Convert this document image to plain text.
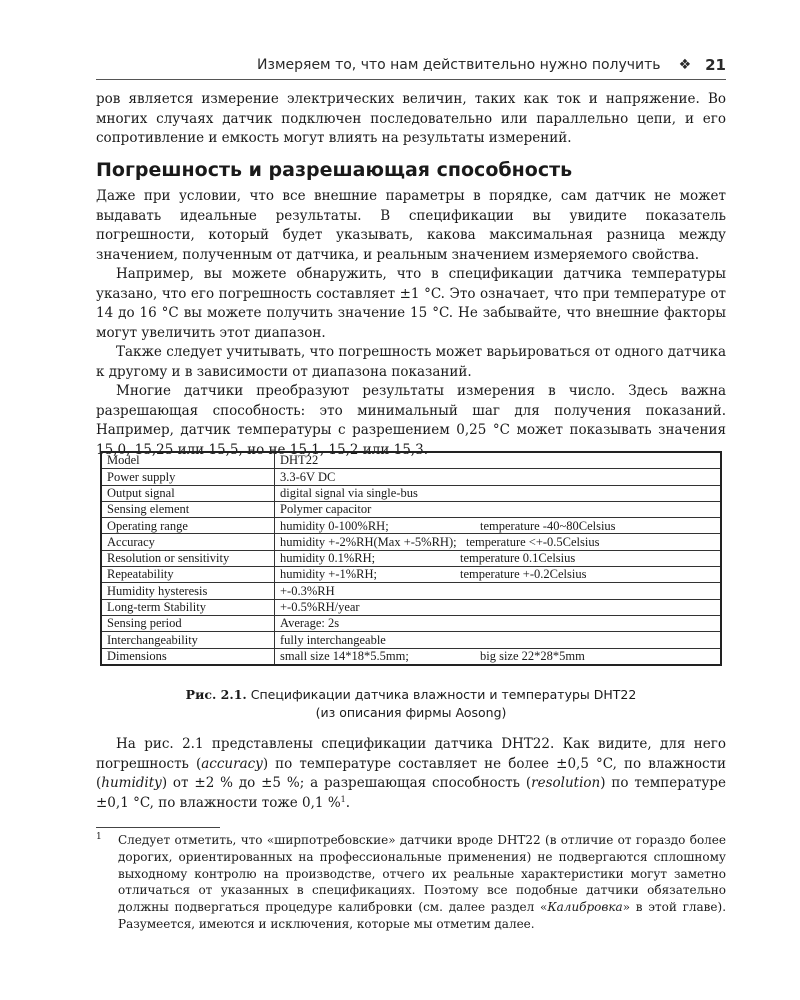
Измеряем то, что нам действительно нужно получить ❖ 21

ров является измерение электрических величин, таких как ток и напряжение. Во многих случаях датчик подключен последовательно или параллельно цепи, и его сопротивление и емкость могут влиять на результаты измерений.

Погрешность и разрешающая способность

Даже при условии, что все внешние параметры в порядке, сам датчик не может выдавать идеальные результаты. В спецификации вы увидите показатель погрешности, который будет указывать, какова максимальная разница между значением, полученным от датчика, и реальным значением измеряемого свойства.

Например, вы можете обнаружить, что в спецификации датчика температуры указано, что его погрешность составляет ±1 °C. Это означает, что при температуре от 14 до 16 °C вы можете получить значение 15 °C. Не забывайте, что внешние факторы могут увеличить этот диапазон.

Также следует учитывать, что погрешность может варьироваться от одного датчика к другому и в зависимости от диапазона показаний.

Многие датчики преобразуют результаты измерения в число. Здесь важна разрешающая способность: это минимальный шаг для получения показаний. Например, датчик температуры с разрешением 0,25 °C может показывать значения 15,0, 15,25 или 15,5, но не 15,1, 15,2 или 15,3.

Model	DHT22
Power supply	3.3-6V DC
Output signal	digital signal via single-bus
Sensing element	Polymer capacitor
Operating range	humidity 0-100%RH; temperature -40~80Celsius
Accuracy	humidity +-2%RH(Max +-5%RH); temperature <+-0.5Celsius
Resolution or sensitivity	humidity 0.1%RH; temperature 0.1Celsius
Repeatability	humidity +-1%RH; temperature +-0.2Celsius
Humidity hysteresis	+-0.3%RH
Long-term Stability	+-0.5%RH/year
Sensing period	Average: 2s
Interchangeability	fully interchangeable
Dimensions	small size 14*18*5.5mm; big size 22*28*5mm
Рис. 2.1. Спецификации датчика влажности и температуры DHT22
(из описания фирмы Aosong)

На рис. 2.1 представлены спецификации датчика DHT22. Как видите, для него погрешность (accuracy) по температуре составляет не более ±0,5 °C, по влажности (humidity) от ±2 % до ±5 %; а разрешающая способность (resolution) по температуре ±0,1 °C, по влажности тоже 0,1 %$^1$.

1 Следует отметить, что «ширпотребовские» датчики вроде DHT22 (в отличие от гораздо более дорогих, ориентированных на профессиональные применения) не подвергаются сплошному выходному контролю на производстве, отчего их реальные характеристики могут заметно отличаться от указанных в спецификациях. Поэтому все подобные датчики обязательно должны подвергаться процедуре калибровки (см. далее раздел «Калибровка» в этой главе). Разумеется, имеются и исключения, которые мы отметим далее.
